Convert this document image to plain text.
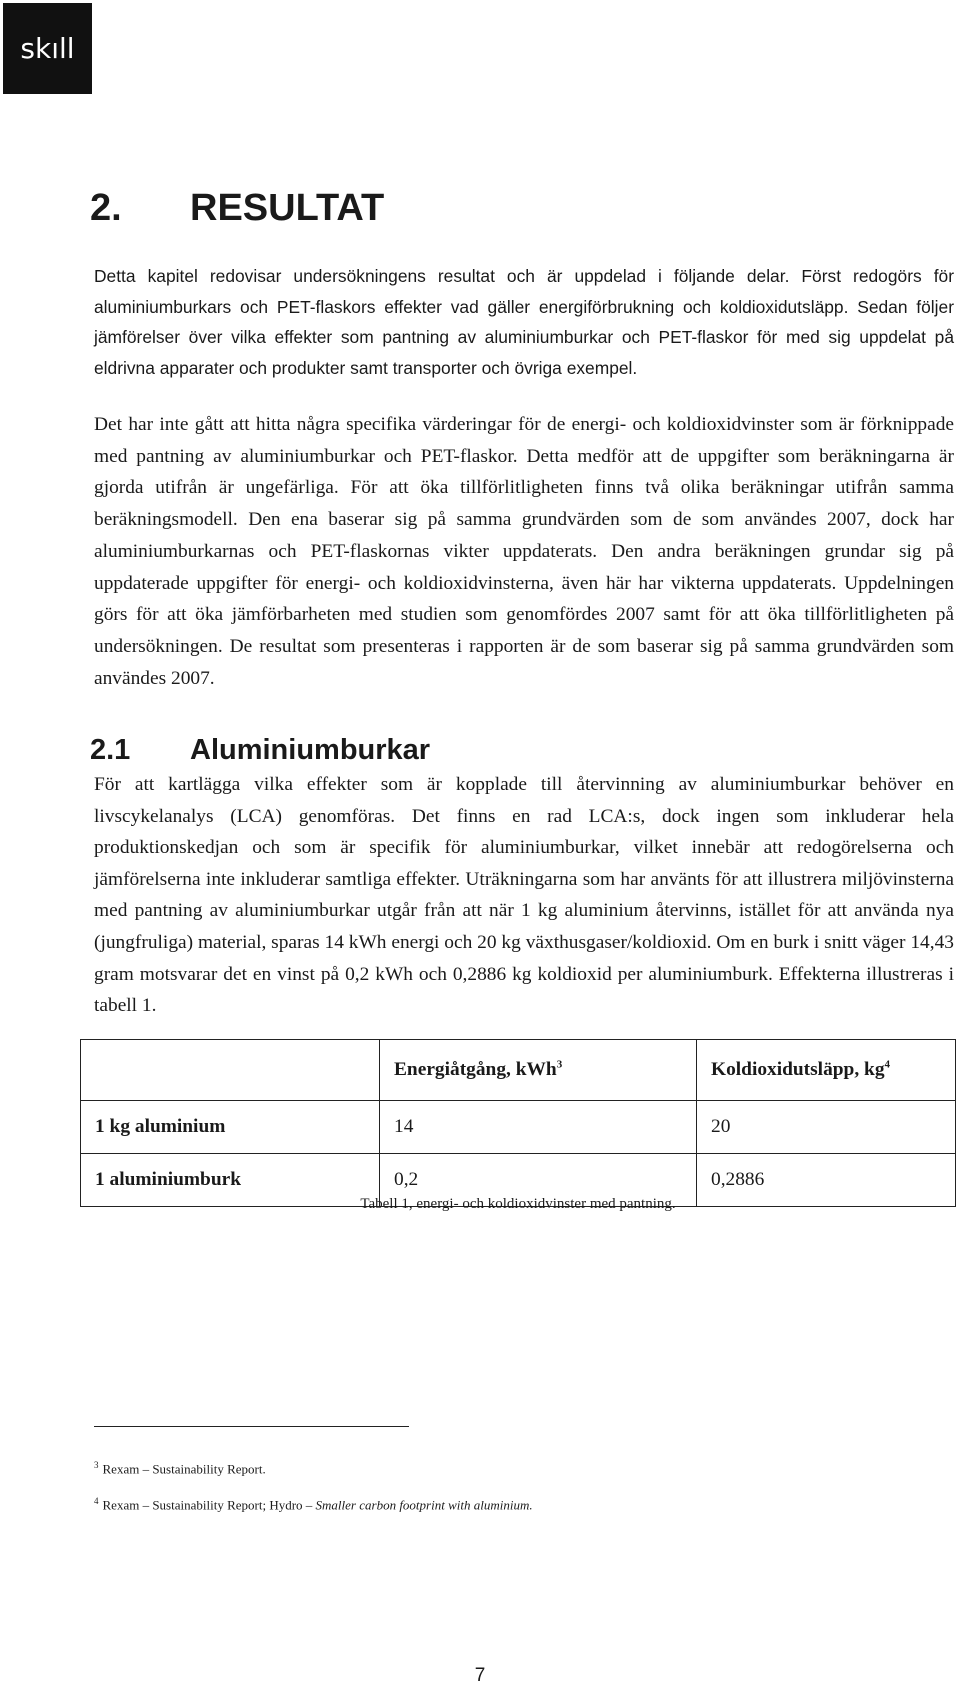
skıll
2.	RESULTAT

Detta kapitel redovisar undersökningens resultat och är uppdelad i följande delar. Först redogörs för aluminiumburkars och PET-flaskors effekter vad gäller energiförbrukning och koldioxidutsläpp. Sedan följer jämförelser över vilka effekter som pantning av aluminiumburkar och PET-flaskor för med sig uppdelat på eldrivna apparater och produkter samt transporter och övriga exempel.

Det har inte gått att hitta några specifika värderingar för de energi- och koldioxidvinster som är förknippade med pantning av aluminiumburkar och PET-flaskor. Detta medför att de uppgifter som beräkningarna är gjorda utifrån är ungefärliga. För att öka tillförlitligheten finns två olika beräkningar utifrån samma beräkningsmodell. Den ena baserar sig på samma grundvärden som de som användes 2007, dock har aluminiumburkarnas och PET-flaskornas vikter uppdaterats. Den andra beräkningen grundar sig på uppdaterade uppgifter för energi- och koldioxidvinsterna, även här har vikterna uppdaterats. Uppdelningen görs för att öka jämförbarheten med studien som genomfördes 2007 samt för att öka tillförlitligheten på undersökningen. De resultat som presenteras i rapporten är de som baserar sig på samma grundvärden som användes 2007.

2.1	Aluminiumburkar

För att kartlägga vilka effekter som är kopplade till återvinning av aluminiumburkar behöver en livscykelanalys (LCA) genomföras. Det finns en rad LCA:s, dock ingen som inkluderar hela produktionskedjan och som är specifik för aluminiumburkar, vilket innebär att redogörelserna och jämförelserna inte inkluderar samtliga effekter. Uträkningarna som har använts för att illustrera miljövinsterna med pantning av aluminiumburkar utgår från att när 1 kg aluminium återvinns, istället för att använda nya (jungfruliga) material, sparas 14 kWh energi och 20 kg växthusgaser/koldioxid. Om en burk i snitt väger 14,43 gram motsvarar det en vinst på 0,2 kWh och 0,2886 kg koldioxid per aluminiumburk. Effekterna illustreras i tabell 1.

	Energiåtgång, kWh$^3$	Koldioxidutsläpp, kg$^4$
1 kg aluminium	14	20
1 aluminiumburk	0,2	0,2886
Tabell 1, energi- och koldioxidvinster med pantning.
$^3$ Rexam – Sustainability Report.
$^4$ Rexam – Sustainability Report; Hydro – Smaller carbon footprint with aluminium.
7
